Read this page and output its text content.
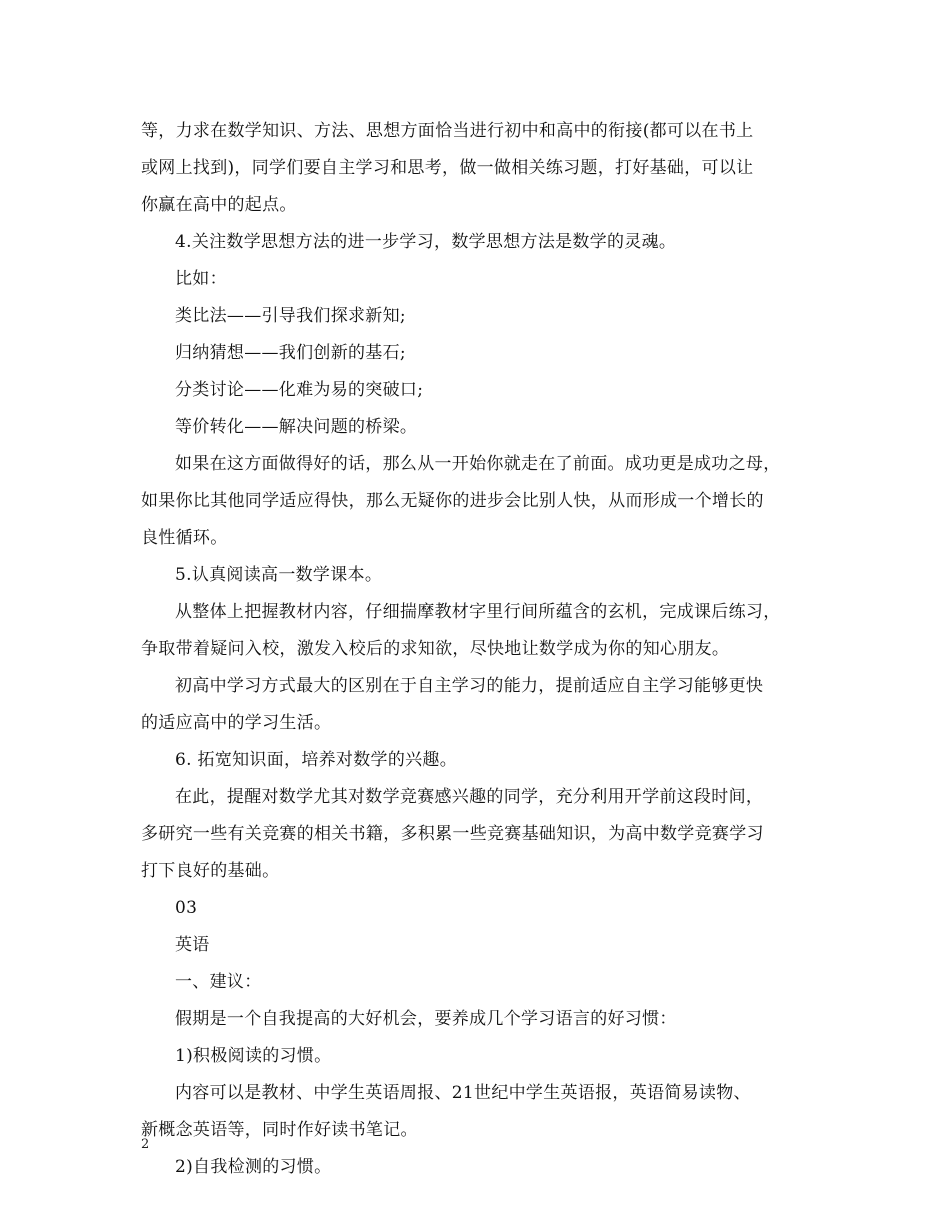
等，力求在数学知识、方法、思想方面恰当进行初中和高中的衔接(都可以在书上
或网上找到)，同学们要自主学习和思考，做一做相关练习题，打好基础，可以让
你赢在高中的起点。
4.关注数学思想方法的进一步学习，数学思想方法是数学的灵魂。
比如：
类比法——引导我们探求新知;
归纳猜想——我们创新的基石;
分类讨论——化难为易的突破口;
等价转化——解决问题的桥梁。
如果在这方面做得好的话，那么从一开始你就走在了前面。成功更是成功之母，
如果你比其他同学适应得快，那么无疑你的进步会比别人快，从而形成一个增长的
良性循环。
5.认真阅读高一数学课本。
从整体上把握教材内容，仔细揣摩教材字里行间所蕴含的玄机，完成课后练习，
争取带着疑问入校，激发入校后的求知欲，尽快地让数学成为你的知心朋友。
初高中学习方式最大的区别在于自主学习的能力，提前适应自主学习能够更快
的适应高中的学习生活。
6. 拓宽知识面，培养对数学的兴趣。
在此，提醒对数学尤其对数学竞赛感兴趣的同学，充分利用开学前这段时间，
多研究一些有关竞赛的相关书籍，多积累一些竞赛基础知识，为高中数学竞赛学习
打下良好的基础。
03
英语
一、建议：
假期是一个自我提高的大好机会，要养成几个学习语言的好习惯：
1)积极阅读的习惯。
内容可以是教材、中学生英语周报、21世纪中学生英语报，英语简易读物、
新概念英语等，同时作好读书笔记。
2)自我检测的习惯。
2
